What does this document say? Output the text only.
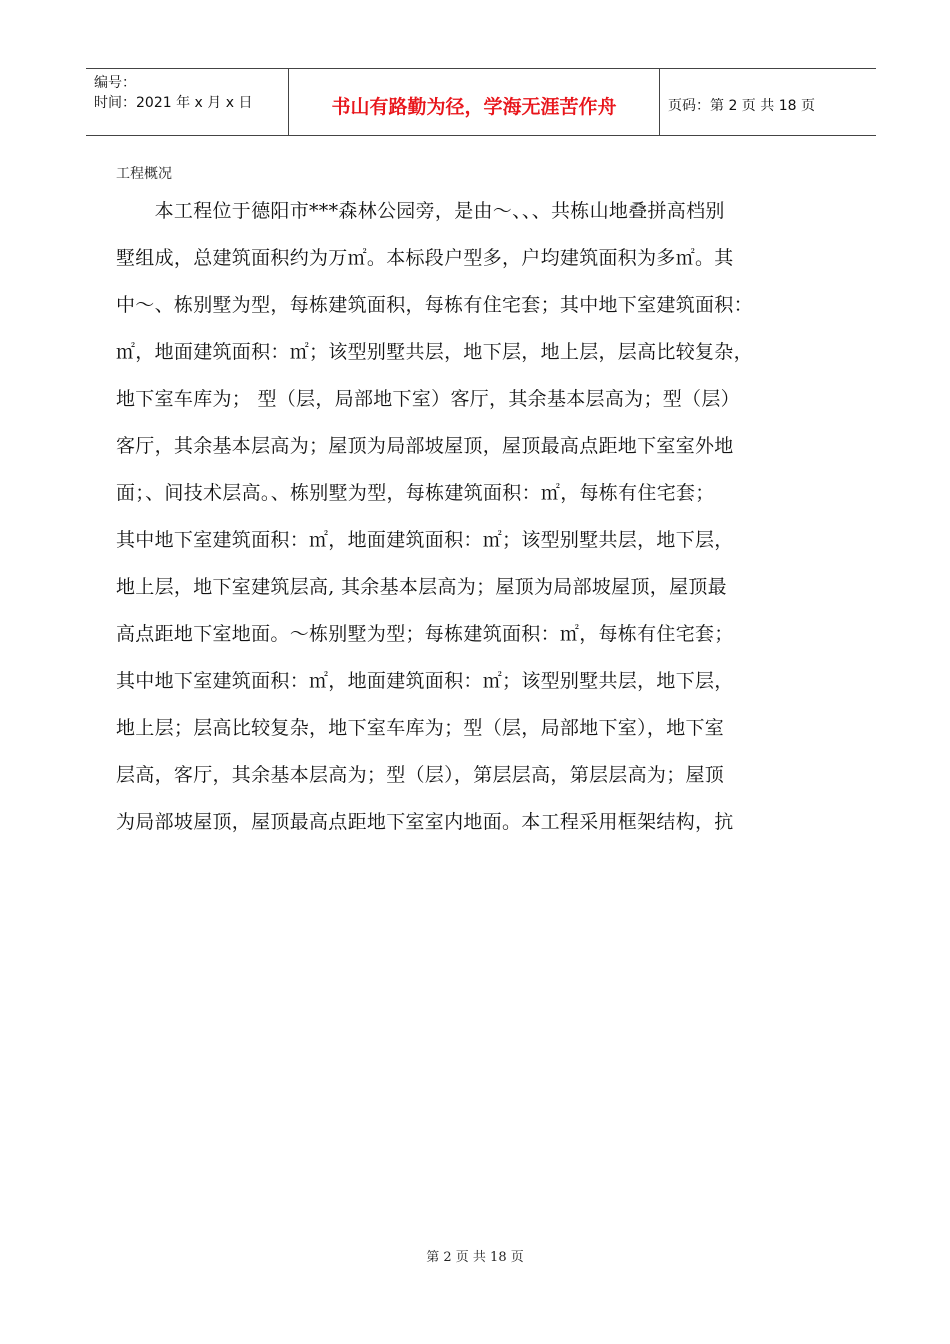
编号：
时间：2021 年 x 月 x 日	书山有路勤为径，学海无涯苦作舟	页码：第 2 页 共 18 页
工程概况
　　本工程位于德阳市***森林公园旁，是由～、、、共栋山地叠拼高档别
墅组成，总建筑面积约为万㎡。本标段户型多，户均建筑面积为多㎡。其
中～、栋别墅为型，每栋建筑面积，每栋有住宅套；其中地下室建筑面积：
㎡，地面建筑面积：㎡；该型别墅共层，地下层，地上层，层高比较复杂，
地下室车库为； 型（层，局部地下室）客厅，其余基本层高为；型（层）
客厅，其余基本层高为；屋顶为局部坡屋顶，屋顶最高点距地下室室外地
面；、间技术层高。、栋别墅为型，每栋建筑面积：㎡，每栋有住宅套；
其中地下室建筑面积：㎡，地面建筑面积：㎡；该型别墅共层，地下层，
地上层，地下室建筑层高, 其余基本层高为；屋顶为局部坡屋顶，屋顶最
高点距地下室地面。～栋别墅为型；每栋建筑面积：㎡，每栋有住宅套；
其中地下室建筑面积：㎡，地面建筑面积：㎡；该型别墅共层，地下层，
地上层；层高比较复杂，地下室车库为；型（层，局部地下室），地下室
层高，客厅，其余基本层高为；型（层），第层层高，第层层高为；屋顶
为局部坡屋顶，屋顶最高点距地下室室内地面。本工程采用框架结构，抗
第 2 页 共 18 页
